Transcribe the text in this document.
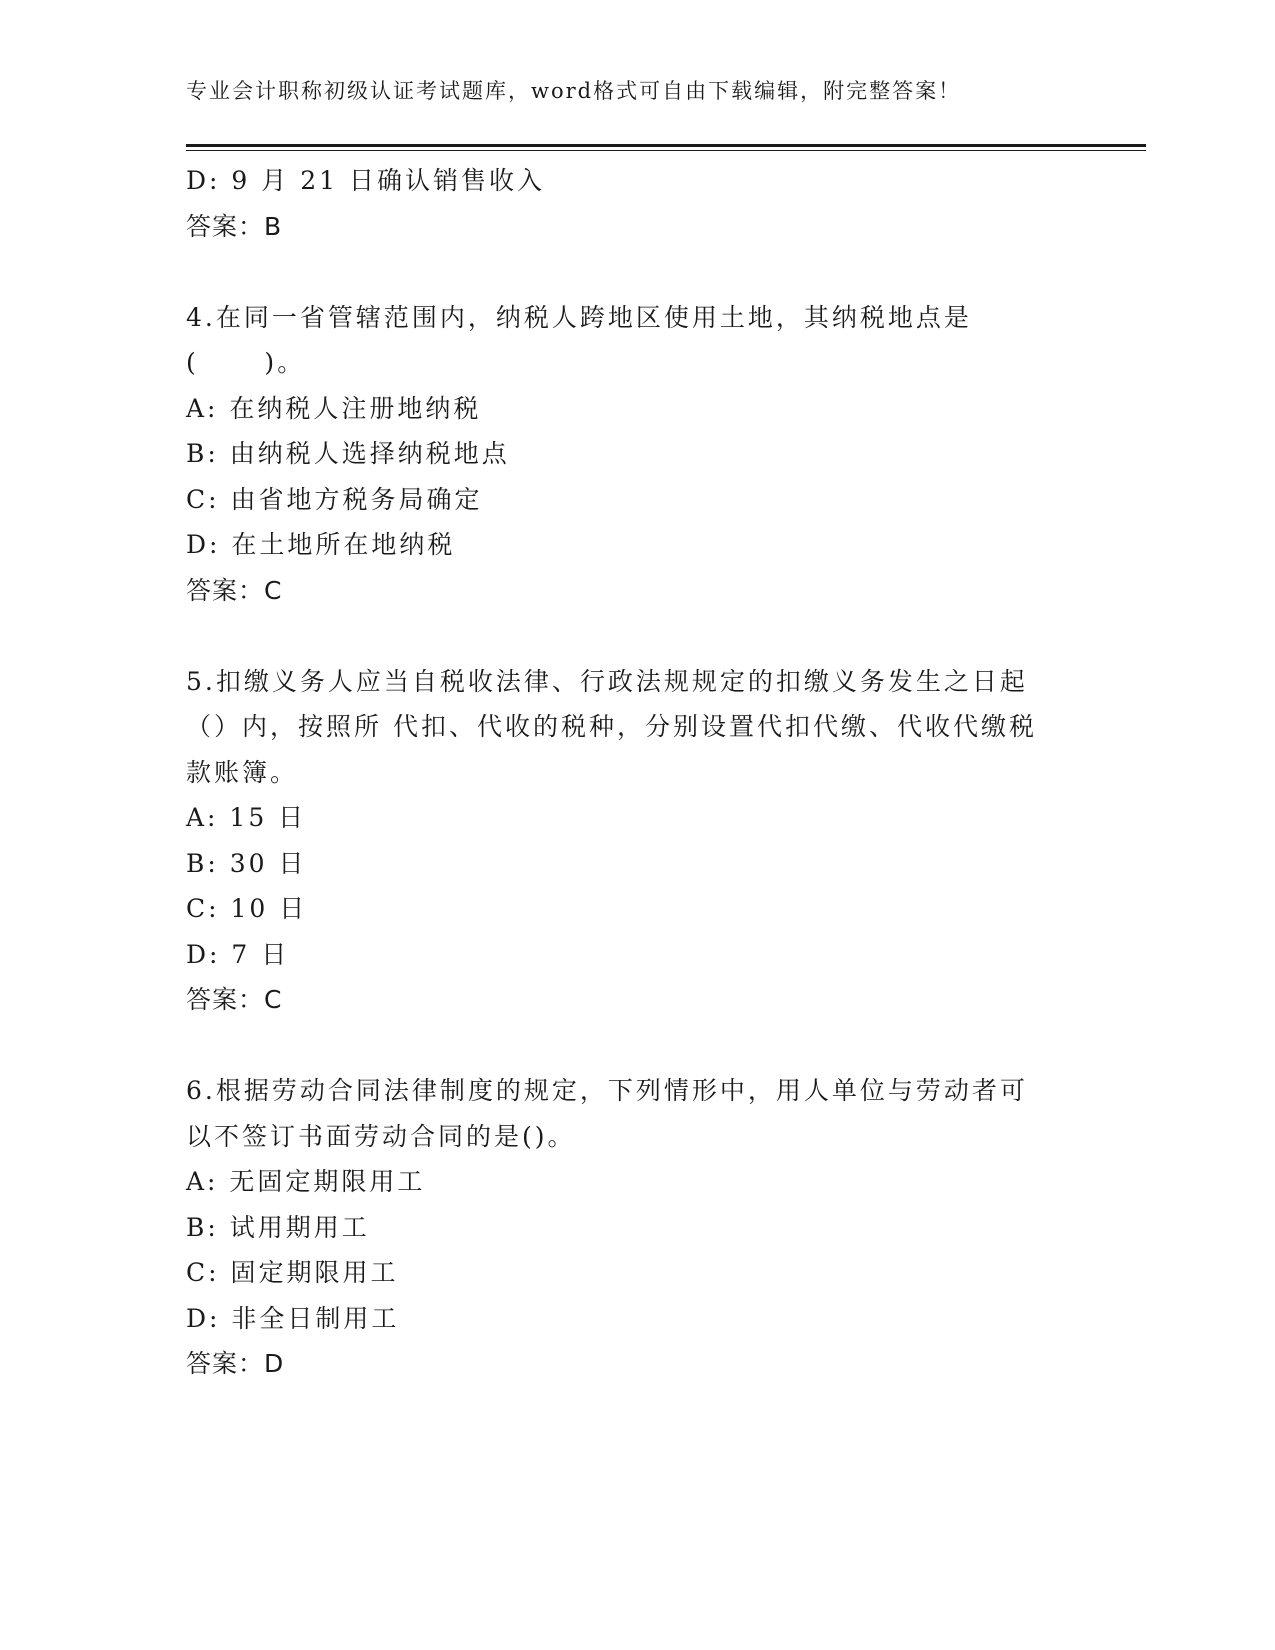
专业会计职称初级认证考试题库，word格式可自由下载编辑，附完整答案！
D: 9 月 21 日确认销售收入
答案：B
4.在同一省管辖范围内，纳税人跨地区使用土地，其纳税地点是
(      )。
A: 在纳税人注册地纳税
B: 由纳税人选择纳税地点
C: 由省地方税务局确定
D: 在土地所在地纳税
答案：C
5.扣缴义务人应当自税收法律、行政法规规定的扣缴义务发生之日起
（）内，按照所 代扣、代收的税种，分别设置代扣代缴、代收代缴税
款账簿。
A: 15 日
B: 30 日
C: 10 日
D: 7 日
答案：C
6.根据劳动合同法律制度的规定，下列情形中，用人单位与劳动者可
以不签订书面劳动合同的是()。
A: 无固定期限用工
B: 试用期用工
C: 固定期限用工
D: 非全日制用工
答案：D
